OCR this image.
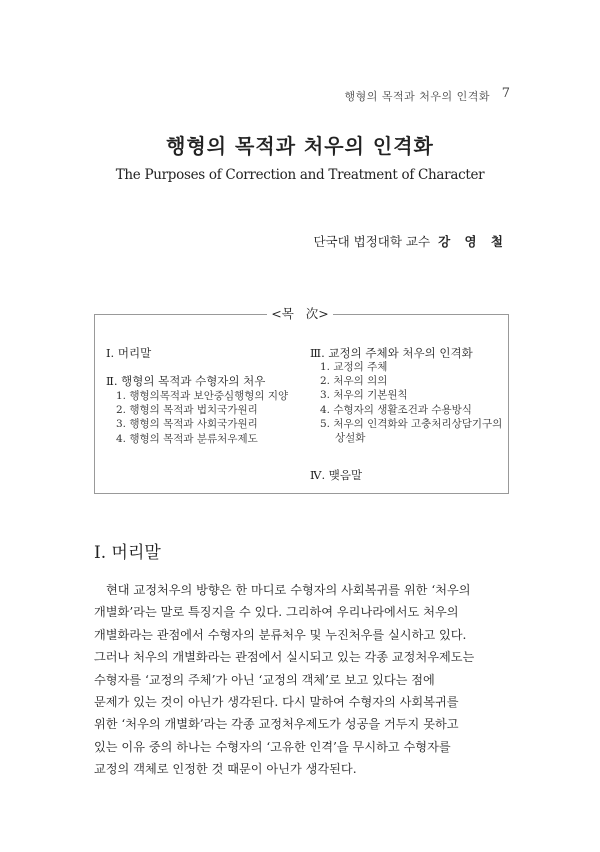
행형의 목적과 처우의 인격화 7
행형의 목적과 처우의 인격화
The Purposes of Correction and Treatment of Character
단국대 법정대학 교수 강 영 철
<목   次>
Ⅰ. 머리말
Ⅱ. 행형의 목적과 수형자의 처우
1. 행형의목적과 보안중심행형의 지양
2. 행형의 목적과 법치국가원리
3. 행형의 목적과 사회국가원리
4. 행형의 목적과 분류처우제도
Ⅲ. 교정의 주체와 처우의 인격화
1. 교정의 주체
2. 처우의 의의
3. 처우의 기본원칙
4. 수형자의 생활조건과 수용방식
5. 처우의 인격화와 고충처리상담기구의
상설화
Ⅳ. 맺음말
I. 머리말
현대 교정처우의 방향은 한 마디로 수형자의 사회복귀를 위한 ‘처우의
개별화’라는 말로 특징지을 수 있다. 그리하여 우리나라에서도 처우의
개별화라는 관점에서 수형자의 분류처우 및 누진처우를 실시하고 있다.
그러나 처우의 개별화라는 관점에서 실시되고 있는 각종 교정처우제도는
수형자를 ‘교정의 주체’가 아닌 ‘교정의 객체’로 보고 있다는 점에
문제가 있는 것이 아닌가 생각된다. 다시 말하여 수형자의 사회복귀를
위한 ‘처우의 개별화’라는 각종 교정처우제도가 성공을 거두지 못하고
있는 이유 중의 하나는 수형자의 ‘고유한 인격’을 무시하고 수형자를
교정의 객체로 인정한 것 때문이 아닌가 생각된다.
